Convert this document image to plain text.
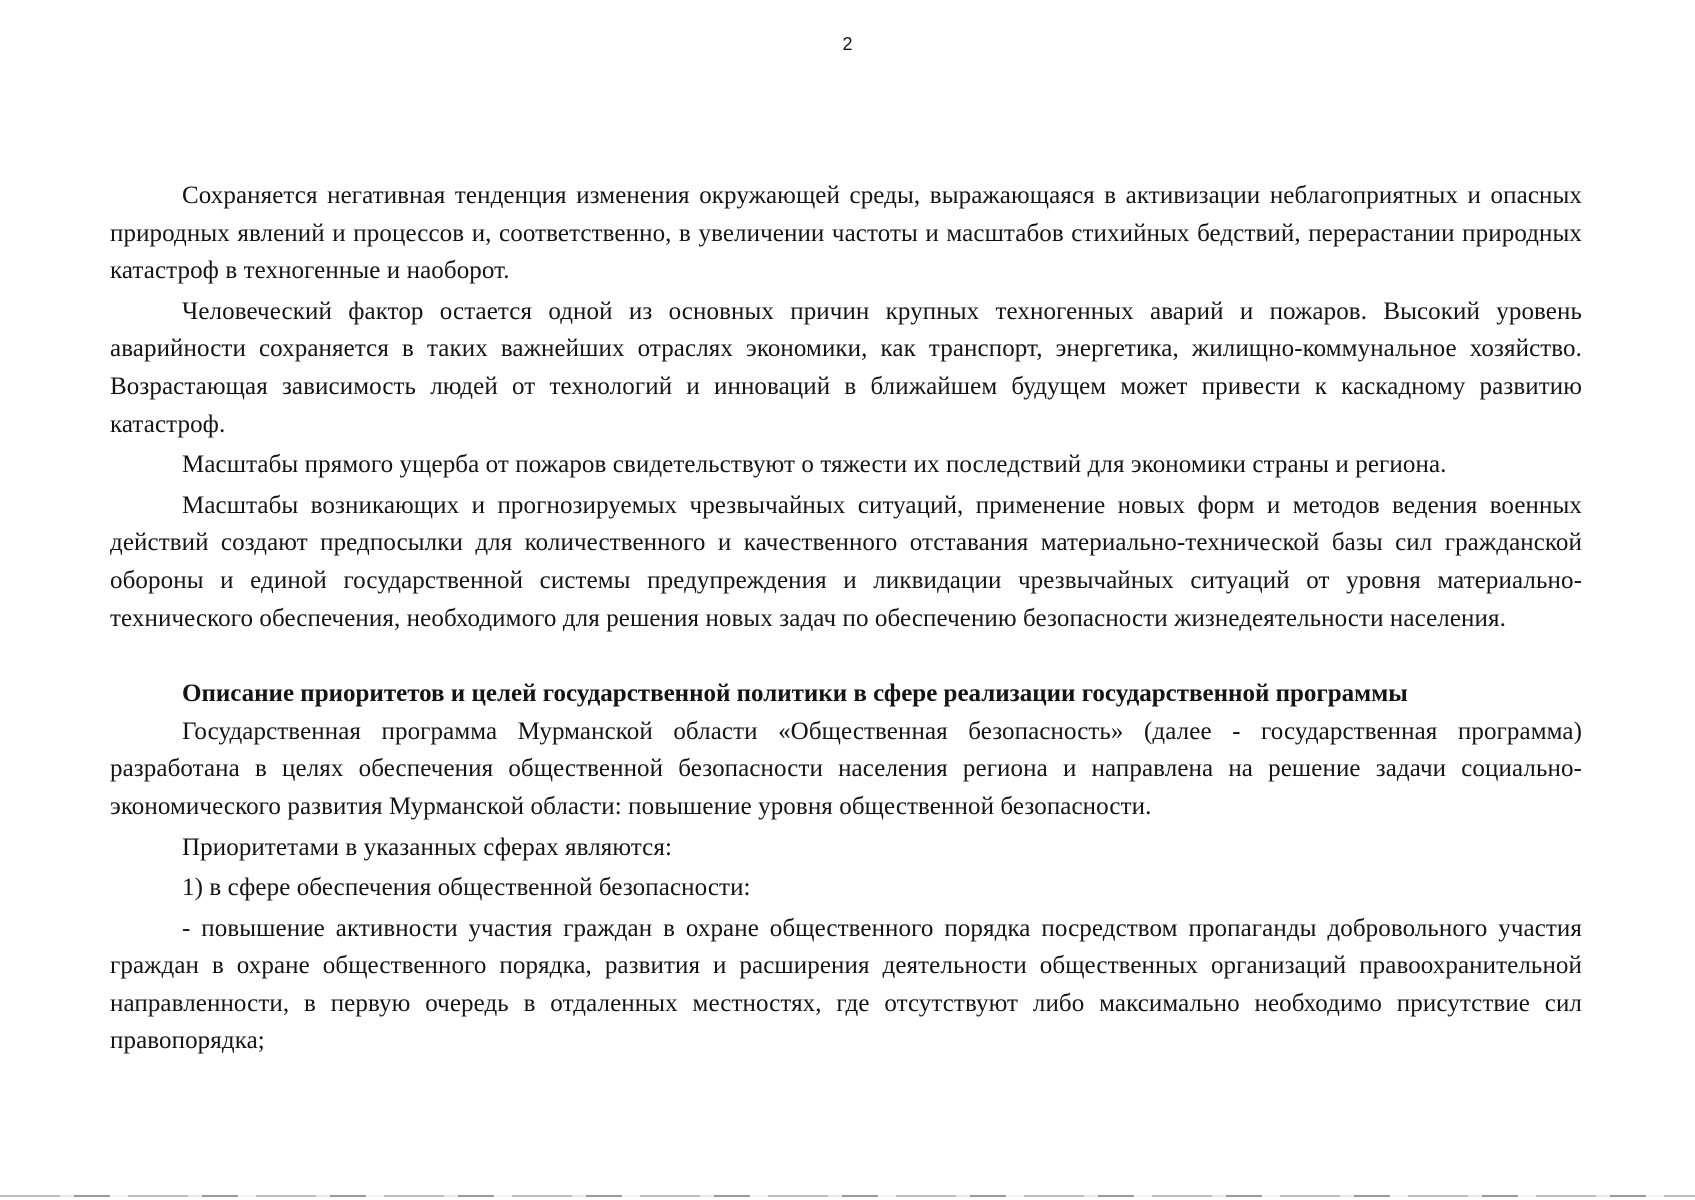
2

Сохраняется негативная тенденция изменения окружающей среды, выражающаяся в активизации неблагоприятных и опасных природных явлений и процессов и, соответственно, в увеличении частоты и масштабов стихийных бедствий, перерастании природных катастроф в техногенные и наоборот.

Человеческий фактор остается одной из основных причин крупных техногенных аварий и пожаров. Высокий уровень аварийности сохраняется в таких важнейших отраслях экономики, как транспорт, энергетика, жилищно-коммунальное хозяйство. Возрастающая зависимость людей от технологий и инноваций в ближайшем будущем может привести к каскадному развитию катастроф.

Масштабы прямого ущерба от пожаров свидетельствуют о тяжести их последствий для экономики страны и региона.

Масштабы возникающих и прогнозируемых чрезвычайных ситуаций, применение новых форм и методов ведения военных действий создают предпосылки для количественного и качественного отставания материально-технической базы сил гражданской обороны и единой государственной системы предупреждения и ликвидации чрезвычайных ситуаций от уровня материально-технического обеспечения, необходимого для решения новых задач по обеспечению безопасности жизнедеятельности населения.

Описание приоритетов и целей государственной политики в сфере реализации государственной программы

Государственная программа Мурманской области «Общественная безопасность» (далее - государственная программа) разработана в целях обеспечения общественной безопасности населения региона и направлена на решение задачи социально-экономического развития Мурманской области: повышение уровня общественной безопасности.

Приоритетами в указанных сферах являются:

1) в сфере обеспечения общественной безопасности:

- повышение активности участия граждан в охране общественного порядка посредством пропаганды добровольного участия граждан в охране общественного порядка, развития и расширения деятельности общественных организаций правоохранительной направленности, в первую очередь в отдаленных местностях, где отсутствуют либо максимально необходимо присутствие сил правопорядка;
